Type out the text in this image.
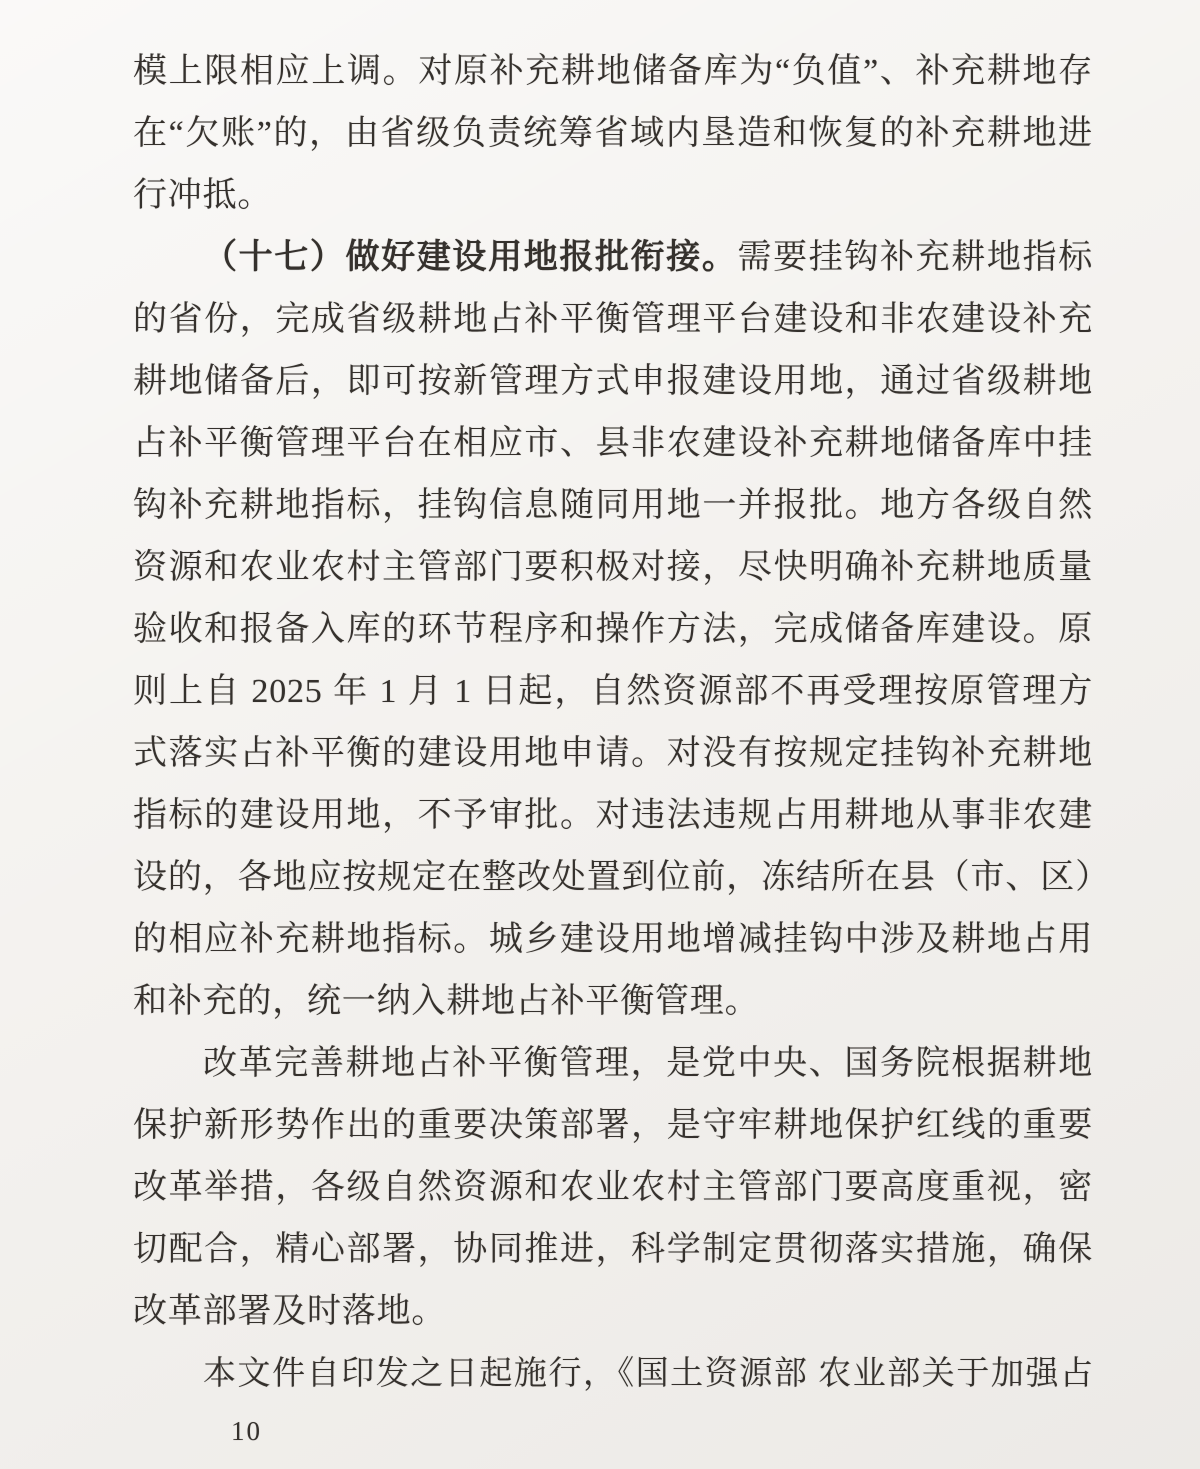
模上限相应上调。对原补充耕地储备库为“负值”、补充耕地存在“欠账”的，由省级负责统筹省域内垦造和恢复的补充耕地进行冲抵。

（十七）做好建设用地报批衔接。需要挂钩补充耕地指标的省份，完成省级耕地占补平衡管理平台建设和非农建设补充耕地储备后，即可按新管理方式申报建设用地，通过省级耕地占补平衡管理平台在相应市、县非农建设补充耕地储备库中挂钩补充耕地指标，挂钩信息随同用地一并报批。地方各级自然资源和农业农村主管部门要积极对接，尽快明确补充耕地质量验收和报备入库的环节程序和操作方法，完成储备库建设。原则上自 2025 年 1 月 1 日起，自然资源部不再受理按原管理方式落实占补平衡的建设用地申请。对没有按规定挂钩补充耕地指标的建设用地，不予审批。对违法违规占用耕地从事非农建设的，各地应按规定在整改处置到位前，冻结所在县（市、区）的相应补充耕地指标。城乡建设用地增减挂钩中涉及耕地占用和补充的，统一纳入耕地占补平衡管理。

改革完善耕地占补平衡管理，是党中央、国务院根据耕地保护新形势作出的重要决策部署，是守牢耕地保护红线的重要改革举措，各级自然资源和农业农村主管部门要高度重视，密切配合，精心部署，协同推进，科学制定贯彻落实措施，确保改革部署及时落地。

本文件自印发之日起施行，《国土资源部 农业部关于加强占

10
